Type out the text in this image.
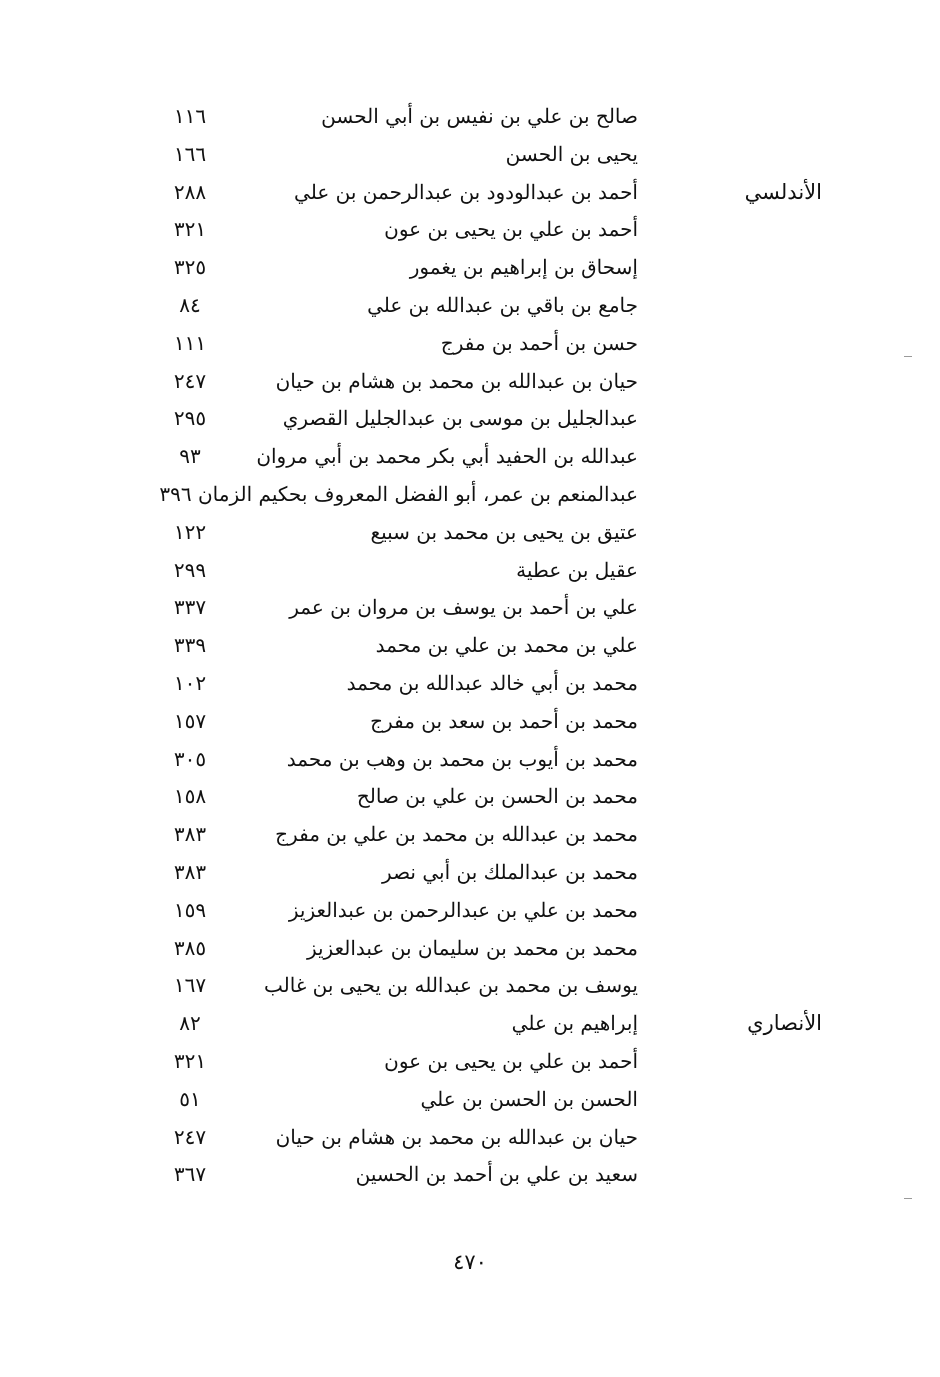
صالح بن علي بن نفيس بن أبي الحسن
١١٦
يحيى بن الحسن
١٦٦
الأندلسي
أحمد بن عبدالودود بن عبدالرحمن بن علي
٢٨٨
أحمد بن علي بن يحيى بن عون
٣٢١
إسحاق بن إبراهيم بن يغمور
٣٢٥
جامع بن باقي بن عبدالله بن علي
٨٤
حسن بن أحمد بن مفرج
١١١
حيان بن عبدالله بن محمد بن هشام بن حيان
٢٤٧
عبدالجليل بن موسى بن عبدالجليل القصري
٢٩٥
عبدالله بن الحفيد أبي بكر محمد بن أبي مروان
٩٣
عبدالمنعم بن عمر، أبو الفضل المعروف بحكيم الزمان ٣٩٦
عتيق بن يحيى بن محمد بن سبيع
١٢٢
عقيل بن عطية
٢٩٩
علي بن أحمد بن يوسف بن مروان بن عمر
٣٣٧
علي بن محمد بن علي بن محمد
٣٣٩
محمد بن أبي خالد عبدالله بن محمد
١٠٢
محمد بن أحمد بن سعد بن مفرج
١٥٧
محمد بن أيوب بن محمد بن وهب بن محمد
٣٠٥
محمد بن الحسن بن علي بن صالح
١٥٨
محمد بن عبدالله بن محمد بن علي بن مفرج
٣٨٣
محمد بن عبدالملك بن أبي نصر
٣٨٣
محمد بن علي بن عبدالرحمن بن عبدالعزيز
١٥٩
محمد بن محمد بن سليمان بن عبدالعزيز
٣٨٥
يوسف بن محمد بن عبدالله بن يحيى بن غالب
١٦٧
الأنصاري
إبراهيم بن علي
٨٢
أحمد بن علي بن يحيى بن عون
٣٢١
الحسن بن الحسن بن علي
٥١
حيان بن عبدالله بن محمد بن هشام بن حيان
٢٤٧
سعيد بن علي بن أحمد بن الحسين
٣٦٧
٤٧٠
